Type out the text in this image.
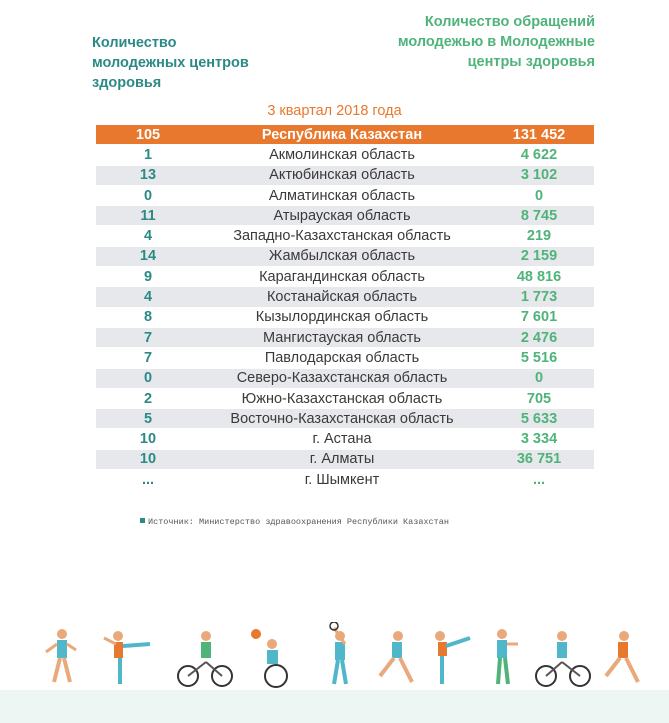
Количество молодежных центров здоровья
Количество обращений молодежью в Молодежные центры здоровья
3 квартал 2018 года
105	Республика Казахстан	131 452
1	Акмолинская область	4 622
13	Актюбинская область	3 102
0	Алматинская область	0
11	Атырауская область	8 745
4	Западно-Казахстанская область	219
14	Жамбылская область	2 159
9	Карагандинская область	48 816
4	Костанайская область	1 773
8	Кызылординская область	7 601
7	Мангистауская область	2 476
7	Павлодарская область	5 516
0	Северо-Казахстанская область	0
2	Южно-Казахстанская область	705
5	Восточно-Казахстанская область	5 633
10	г. Астана	3 334
10	г. Алматы	36 751
...	г. Шымкент	...
Источник: Министерство здравоохранения Республики Казахстан
